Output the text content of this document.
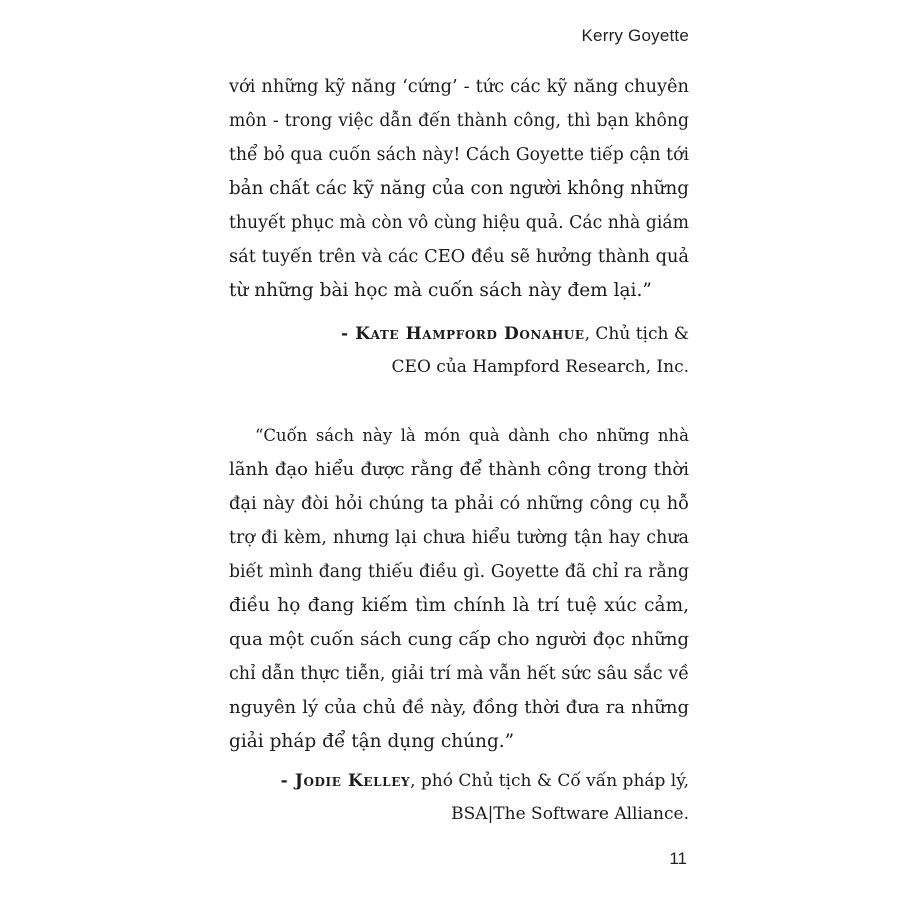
Kerry Goyette
với những kỹ năng ‘cứng’ - tức các kỹ năng chuyên
môn - trong việc dẫn đến thành công, thì bạn không
thể bỏ qua cuốn sách này! Cách Goyette tiếp cận tới
bản chất các kỹ năng của con người không những
thuyết phục mà còn vô cùng hiệu quả. Các nhà giám
sát tuyến trên và các CEO đều sẽ hưởng thành quả
từ những bài học mà cuốn sách này đem lại.”
- Kate Hampford Donahue, Chủ tịch &
CEO của Hampford Research, Inc.
“Cuốn sách này là món quà dành cho những nhà
lãnh đạo hiểu được rằng để thành công trong thời
đại này đòi hỏi chúng ta phải có những công cụ hỗ
trợ đi kèm, nhưng lại chưa hiểu tường tận hay chưa
biết mình đang thiếu điều gì. Goyette đã chỉ ra rằng
điều họ đang kiếm tìm chính là trí tuệ xúc cảm,
qua một cuốn sách cung cấp cho người đọc những
chỉ dẫn thực tiễn, giải trí mà vẫn hết sức sâu sắc về
nguyên lý của chủ đề này, đồng thời đưa ra những
giải pháp để tận dụng chúng.”
- Jodie Kelley, phó Chủ tịch & Cố vấn pháp lý,
BSA|The Software Alliance.
11
